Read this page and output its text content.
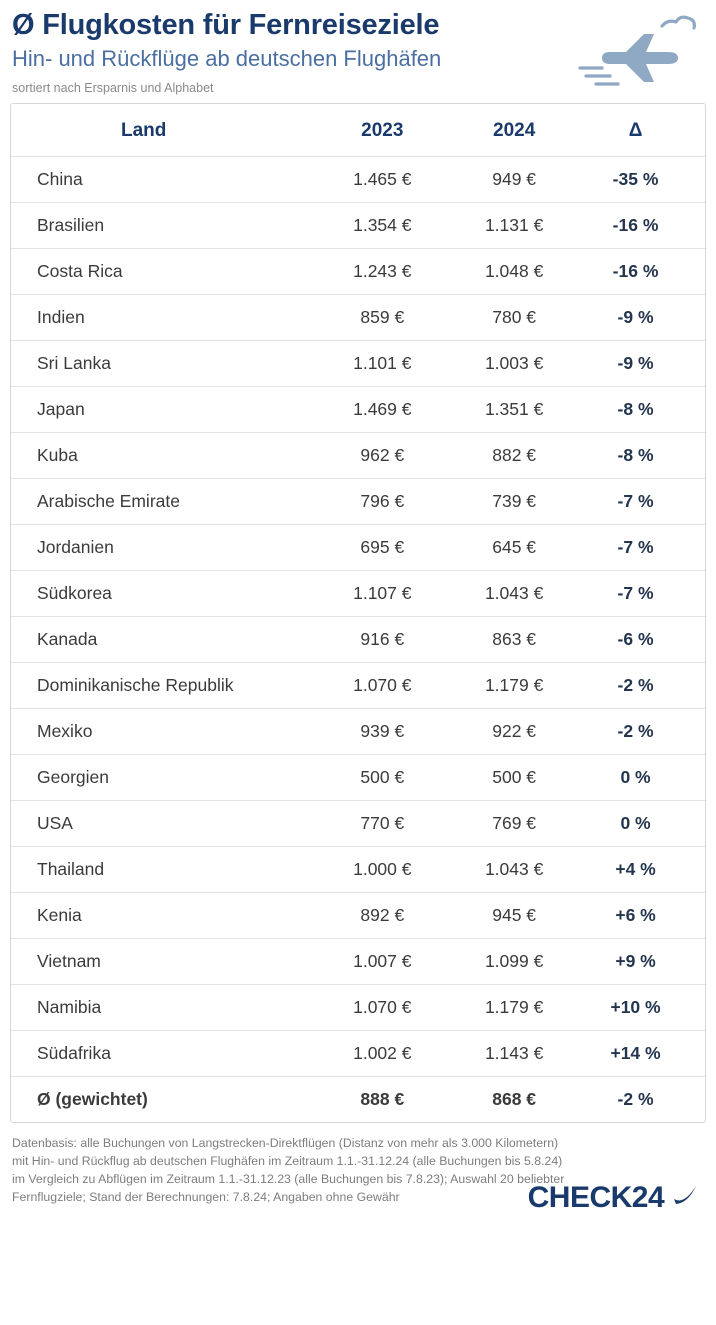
Ø Flugkosten für Fernreiseziele
Hin- und Rückflüge ab deutschen Flughäfen
sortiert nach Ersparnis und Alphabet
Land	2023	2024	Δ
China	1.465 €	949 €	-35 %
Brasilien	1.354 €	1.131 €	-16 %
Costa Rica	1.243 €	1.048 €	-16 %
Indien	859 €	780 €	-9 %
Sri Lanka	1.101 €	1.003 €	-9 %
Japan	1.469 €	1.351 €	-8 %
Kuba	962 €	882 €	-8 %
Arabische Emirate	796 €	739 €	-7 %
Jordanien	695 €	645 €	-7 %
Südkorea	1.107 €	1.043 €	-7 %
Kanada	916 €	863 €	-6 %
Dominikanische Republik	1.070 €	1.179 €	-2 %
Mexiko	939 €	922 €	-2 %
Georgien	500 €	500 €	0 %
USA	770 €	769 €	0 %
Thailand	1.000 €	1.043 €	+4 %
Kenia	892 €	945 €	+6 %
Vietnam	1.007 €	1.099 €	+9 %
Namibia	1.070 €	1.179 €	+10 %
Südafrika	1.002 €	1.143 €	+14 %
Ø (gewichtet)	888 €	868 €	-2 %
Datenbasis: alle Buchungen von Langstrecken-Direktflügen (Distanz von mehr als 3.000 Kilometern) mit Hin- und Rückflug ab deutschen Flughäfen im Zeitraum 1.1.-31.12.24 (alle Buchungen bis 5.8.24) im Vergleich zu Abflügen im Zeitraum 1.1.-31.12.23 (alle Buchungen bis 7.8.23); Auswahl 20 beliebter Fernflugziele; Stand der Berechnungen: 7.8.24; Angaben ohne Gewähr	CHECK24
